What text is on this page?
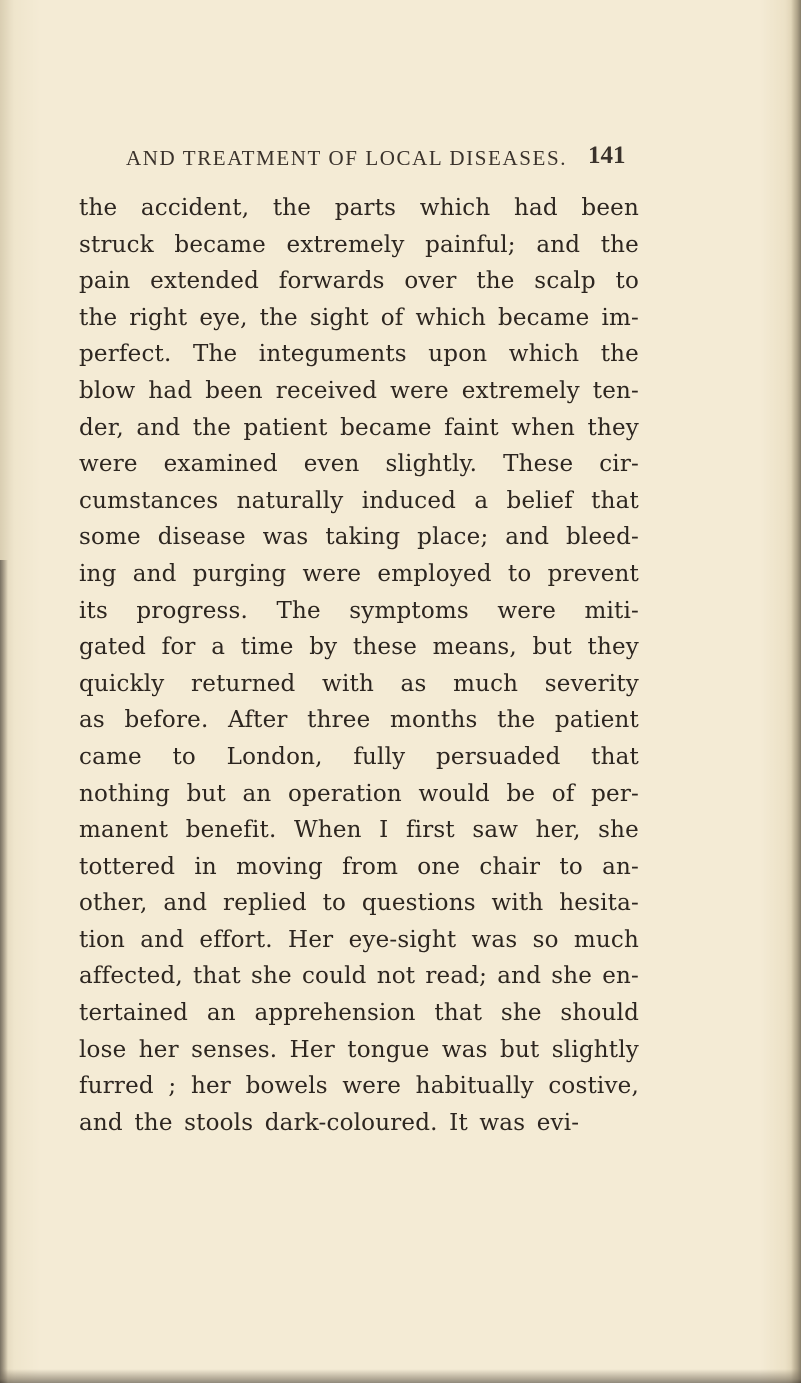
AND TREATMENT OF LOCAL DISEASES. 141
the accident, the parts which had been
struck became extremely painful; and the
pain extended forwards over the scalp to
the right eye, the sight of which became im-
perfect. The integuments upon which the
blow had been received were extremely ten-
der, and the patient became faint when they
were examined even slightly. These cir-
cumstances naturally induced a belief that
some disease was taking place; and bleed-
ing and purging were employed to prevent
its progress. The symptoms were miti-
gated for a time by these means, but they
quickly returned with as much severity
as before. After three months the patient
came to London, fully persuaded that
nothing but an operation would be of per-
manent benefit. When I first saw her, she
tottered in moving from one chair to an-
other, and replied to questions with hesita-
tion and effort. Her eye-sight was so much
affected, that she could not read; and she en-
tertained an apprehension that she should
lose her senses. Her tongue was but slightly
furred ; her bowels were habitually costive,
and the stools dark-coloured. It was evi-
